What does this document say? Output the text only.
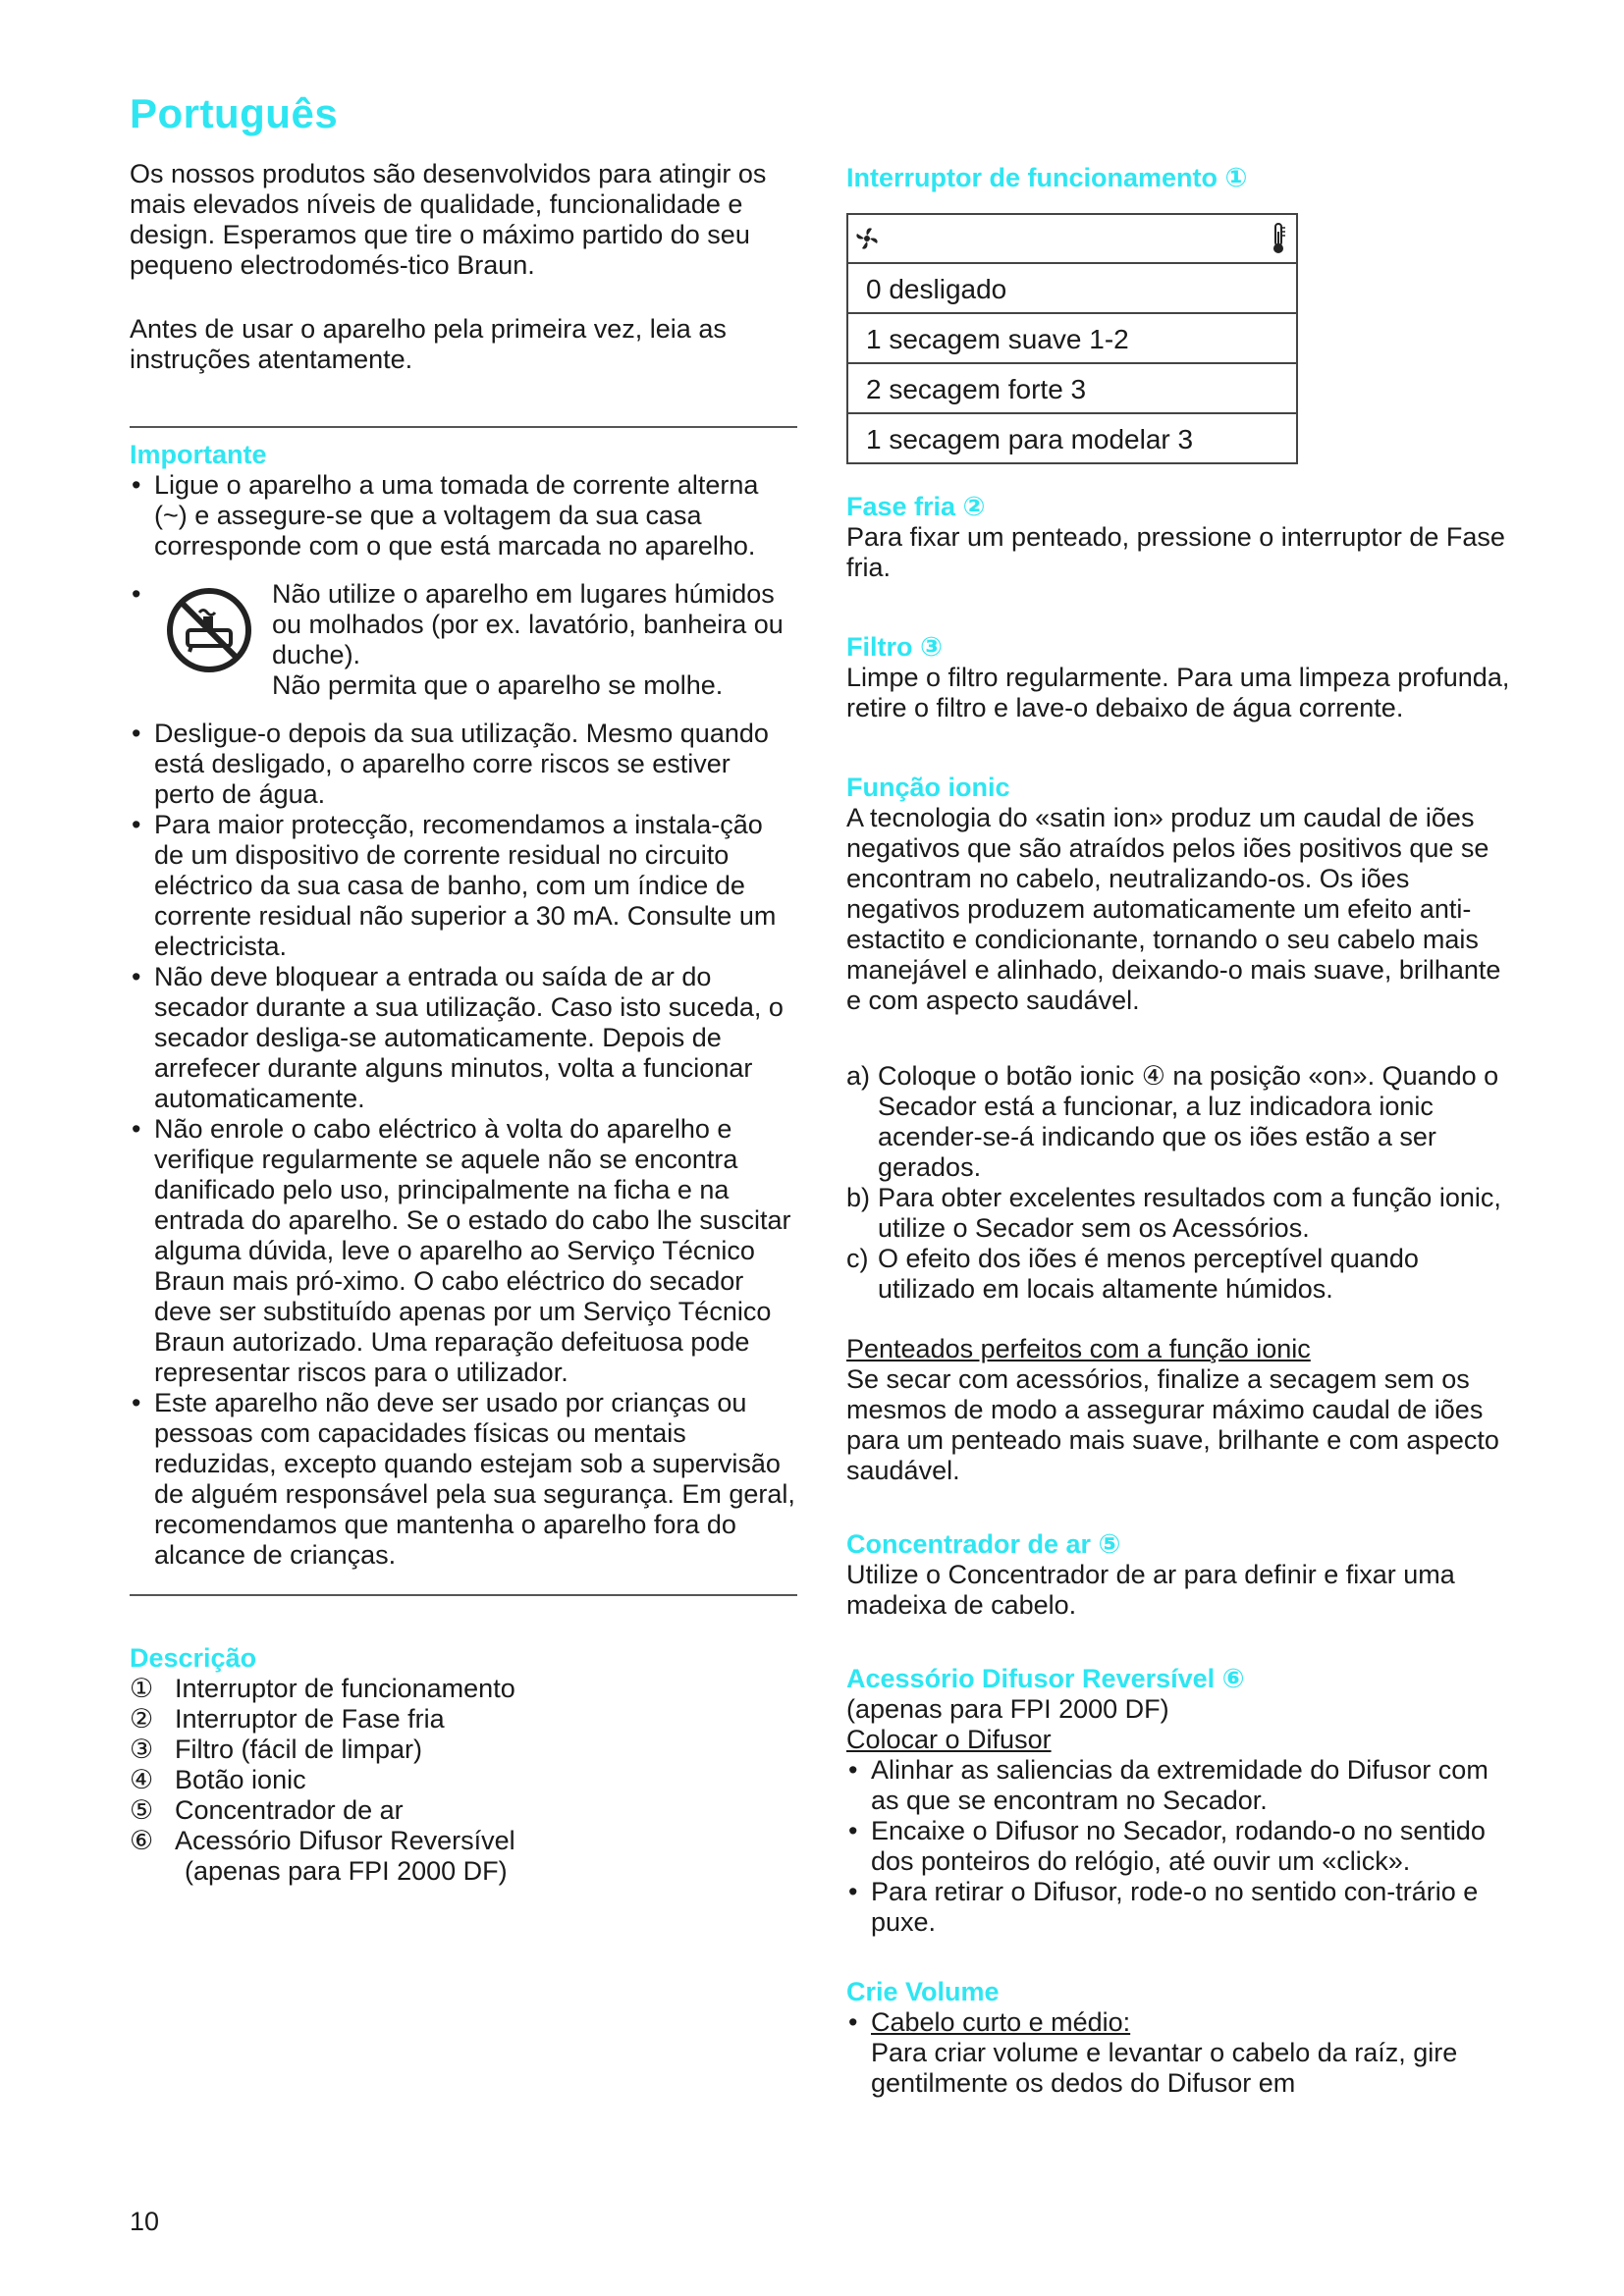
Português

Os nossos produtos são desenvolvidos para atingir os mais elevados níveis de qualidade, funcionalidade e design. Esperamos que tire o máximo partido do seu pequeno electrodomés-tico Braun.

Antes de usar o aparelho pela primeira vez, leia as instruções atentamente.

Importante
• Ligue o aparelho a uma tomada de corrente alterna (~) e assegure-se que a voltagem da sua casa corresponde com o que está marcada no aparelho.

• Não utilize o aparelho em lugares húmidos ou molhados (por ex. lavatório, banheira ou duche).

Não permita que o aparelho se molhe.

• Desligue-o depois da sua utilização. Mesmo quando está desligado, o aparelho corre riscos se estiver perto de água.
• Para maior protecção, recomendamos a instala-ção de um dispositivo de corrente residual no circuito eléctrico da sua casa de banho, com um índice de corrente residual não superior a 30 mA. Consulte um electricista.
• Não deve bloquear a entrada ou saída de ar do secador durante a sua utilização. Caso isto suceda, o secador desliga-se automaticamente. Depois de arrefecer durante alguns minutos, volta a funcionar automaticamente.
• Não enrole o cabo eléctrico à volta do aparelho e verifique regularmente se aquele não se encontra danificado pelo uso, principalmente na ficha e na entrada do aparelho. Se o estado do cabo lhe suscitar alguma dúvida, leve o aparelho ao Serviço Técnico Braun mais pró-ximo. O cabo eléctrico do secador deve ser substituído apenas por um Serviço Técnico Braun autorizado. Uma reparação defeituosa pode representar riscos para o utilizador.
• Este aparelho não deve ser usado por crianças ou pessoas com capacidades físicas ou mentais reduzidas, excepto quando estejam sob a supervisão de alguém responsável pela sua segurança. Em geral, recomendamos que mantenha o aparelho fora do alcance de crianças.
Descrição
① Interruptor de funcionamento
② Interruptor de Fase fria
③ Filtro (fácil de limpar)
④ Botão ionic
⑤ Concentrador de ar
⑥ Acessório Difusor Reversível

(apenas para FPI 2000 DF)

Interruptor de funcionamento ①
0 desligado
1 secagem suave 1-2
2 secagem forte 3
1 secagem para modelar 3
Fase fria ②

Para fixar um penteado, pressione o interruptor de Fase fria.

Filtro ③

Limpe o filtro regularmente. Para uma limpeza profunda, retire o filtro e lave-o debaixo de água corrente.

Função ionic

A tecnologia do «satin ion» produz um caudal de iões negativos que são atraídos pelos iões positivos que se encontram no cabelo, neutralizando-os. Os iões negativos produzem automaticamente um efeito anti-estactito e condicionante, tornando o seu cabelo mais manejável e alinhado, deixando-o mais suave, brilhante e com aspecto saudável.

a) Coloque o botão ionic ④ na posição «on». Quando o Secador está a funcionar, a luz indicadora ionic acender-se-á indicando que os iões estão a ser gerados.
b) Para obter excelentes resultados com a função ionic, utilize o Secador sem os Acessórios.
c) O efeito dos iões é menos perceptível quando utilizado em locais altamente húmidos.

Penteados perfeitos com a função ionic

Se secar com acessórios, finalize a secagem sem os mesmos de modo a assegurar máximo caudal de iões para um penteado mais suave, brilhante e com aspecto saudável.

Concentrador de ar ⑤

Utilize o Concentrador de ar para definir e fixar uma madeixa de cabelo.

Acessório Difusor Reversível ⑥

(apenas para FPI 2000 DF)

Colocar o Difusor

• Alinhar as saliencias da extremidade do Difusor com as que se encontram no Secador.
• Encaixe o Difusor no Secador, rodando-o no sentido dos ponteiros do relógio, até ouvir um «click».
• Para retirar o Difusor, rode-o no sentido con-trário e puxe.
Crie Volume
• Cabelo curto e médio:

Para criar volume e levantar o cabelo da raíz, gire gentilmente os dedos do Difusor em

10
